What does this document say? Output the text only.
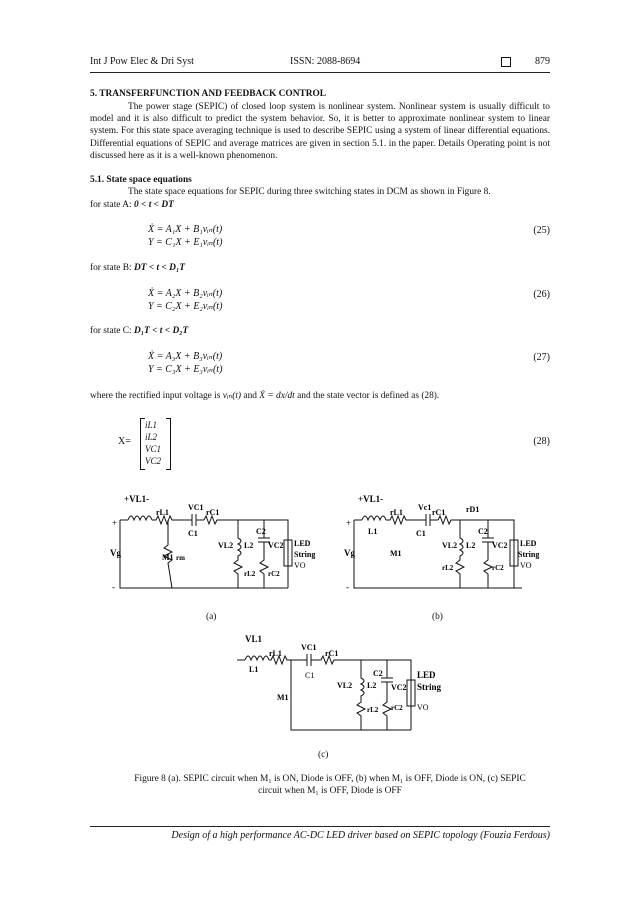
Int J Pow Elec & Dri Syst	ISSN: 2088-8694	879
5. TRANSFERFUNCTION AND FEEDBACK CONTROL
The power stage (SEPIC) of closed loop system is nonlinear system. Nonlinear system is usually difficult to model and it is also difficult to predict the system behavior. So, it is better to approximate nonlinear system to linear system. For this state space averaging technique is used to describe SEPIC using a system of linear differential equations. Differential equations of SEPIC and average matrices are given in section 5.1. in the paper. Details Operating point is not discussed here as it is a well-known phenomenon.
5.1. State space equations
The state space equations for SEPIC during three switching states in DCM as shown in Figure 8.
for state A: 0 < t < DT
Ẋ = A₁X + B₁vᵢₙ(t)
Y = C₁X + E₁vᵢₙ(t)
(25)
for state B: DT < t < D₁T
Ẋ = A₂X + B₂vᵢₙ(t)
Y = C₂X + E₂vᵢₙ(t)
(26)
for state C: D₁T < t < D₂T
Ẋ = A₃X + B₃vᵢₙ(t)
Y = C₃X + E₃vᵢₙ(t)
(27)
where the rectified input voltage is vᵢₙ(t) and Ẋ = dx/dt and the state vector is defined as (28).
X=
iL1
iL2
VC1
VC2
(28)
+VL1-
rL1
VC1
rC1
C1
M1 rm
VL2 L2
rL2
C2
VC2
rC2
LED
String
VO
Vg
+
-
(a)
+VL1-
L1
rL1
Vc1
rC1	rD1
C1
M1
VL2 L2
rL2
C2
VC2
rC2
LED
String
VO
Vg
+
-
(b)
VL1
L1
rL1
VC1
rC1
C1
M1
VL2 L2
rL2
C2
VC2
rC2
LED
String
VO
(c)
Figure 8 (a). SEPIC circuit when M₁ is ON, Diode is OFF, (b) when M₁ is OFF, Diode is ON, (c) SEPIC
circuit when M₁ is OFF, Diode is OFF
Design of a high performance AC-DC LED driver based on SEPIC topology (Fouzia Ferdous)
